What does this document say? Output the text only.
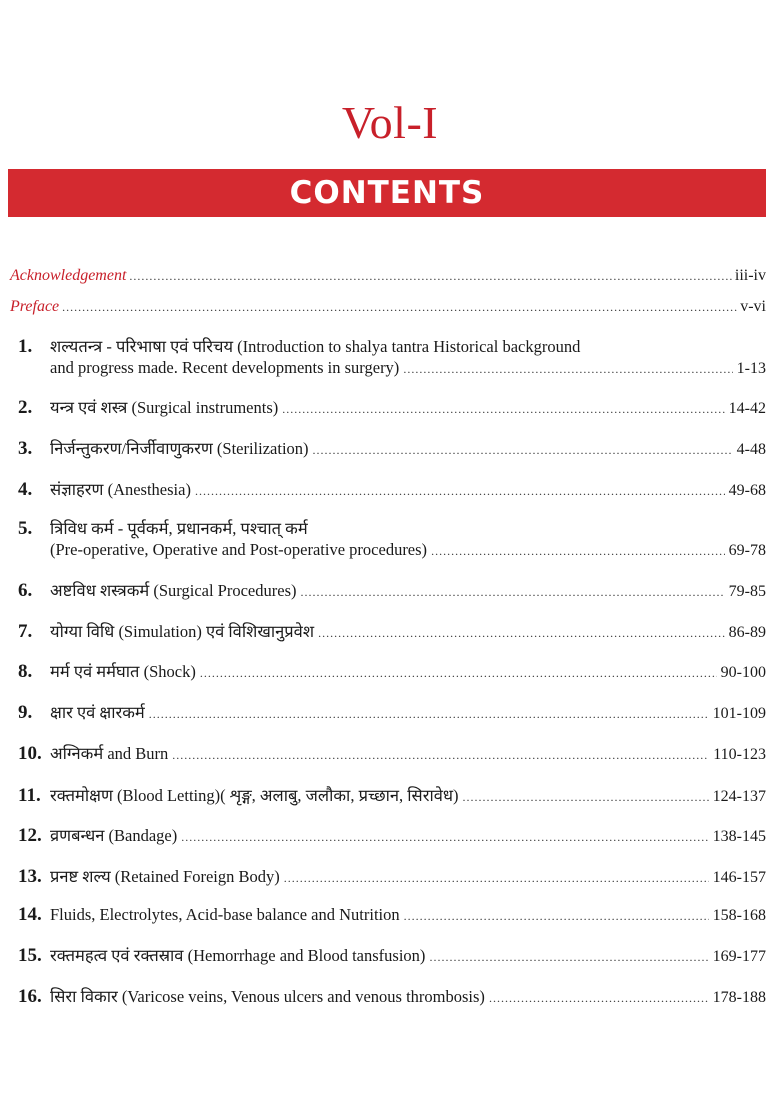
Vol-I
CONTENTS
Acknowledgement .....	iii-iv
Preface .....	v-vi
1.	शल्यतन्त्र - परिभाषा एवं परिचय (Introduction to shalya tantra Historical background
and progress made. Recent developments in surgery) .....	1-13
2.	यन्त्र एवं शस्त्र (Surgical instruments) .....	14-42
3.	निर्जन्तुकरण/निर्जीवाणुकरण (Sterilization) .....	4-48
4.	संज्ञाहरण (Anesthesia) .....	49-68
5.	त्रिविध कर्म - पूर्वकर्म, प्रधानकर्म, पश्चात् कर्म
(Pre-operative, Operative and Post-operative procedures) .....	69-78
6.	अष्टविध शस्त्रकर्म (Surgical Procedures) .....	79-85
7.	योग्या विधि (Simulation) एवं विशिखानुप्रवेश .....	86-89
8.	मर्म एवं मर्मघात (Shock) .....	90-100
9.	क्षार एवं क्षारकर्म .....	101-109
10. अग्निकर्म and Burn .....	110-123
11. रक्तमोक्षण (Blood Letting)( शृङ्ग, अलाबु, जलौका, प्रच्छान, सिरावेध) .....	124-137
12. व्रणबन्धन (Bandage) .....	138-145
13. प्रनष्ट शल्य (Retained Foreign Body) .....	146-157
14. Fluids, Electrolytes, Acid-base balance and Nutrition .....	158-168
15. रक्तमहत्व एवं रक्तस्राव (Hemorrhage and Blood tansfusion) .....	169-177
16. सिरा विकार (Varicose veins, Venous ulcers and venous thrombosis) .....	178-188
